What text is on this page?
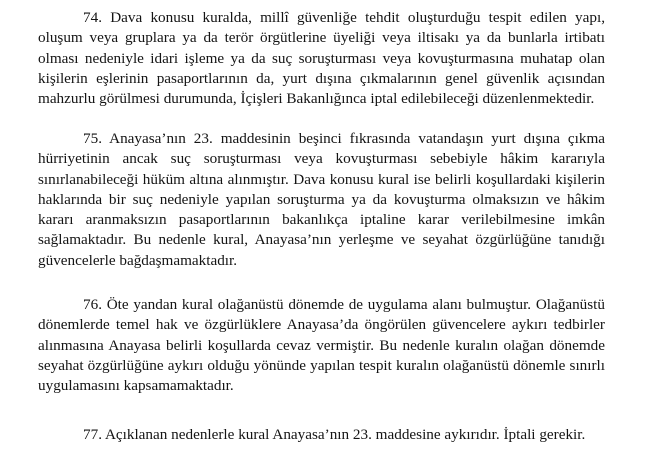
74. Dava konusu kuralda, millî güvenliğe tehdit oluşturduğu tespit edilen yapı, oluşum veya gruplara ya da terör örgütlerine üyeliği veya iltisakı ya da bunlarla irtibatı olması nedeniyle idari işleme ya da suç soruşturması veya kovuşturmasına muhatap olan kişilerin eşlerinin pasaportlarının da, yurt dışına çıkmalarının genel güvenlik açısından mahzurlu görülmesi durumunda, İçişleri Bakanlığınca iptal edilebileceği düzenlenmektedir.

75. Anayasa’nın 23. maddesinin beşinci fıkrasında vatandaşın yurt dışına çıkma hürriyetinin ancak suç soruşturması veya kovuşturması sebebiyle hâkim kararıyla sınırlanabileceği hüküm altına alınmıştır. Dava konusu kural ise belirli koşullardaki kişilerin haklarında bir suç nedeniyle yapılan soruşturma ya da kovuşturma olmaksızın ve hâkim kararı aranmaksızın pasaportlarının bakanlıkça iptaline karar verilebilmesine imkân sağlamaktadır. Bu nedenle kural, Anayasa’nın yerleşme ve seyahat özgürlüğüne tanıdığı güvencelerle bağdaşmamaktadır.

76. Öte yandan kural olağanüstü dönemde de uygulama alanı bulmuştur. Olağanüstü dönemlerde temel hak ve özgürlüklere Anayasa’da öngörülen güvencelere aykırı tedbirler alınmasına Anayasa belirli koşullarda cevaz vermiştir. Bu nedenle kuralın olağan dönemde seyahat özgürlüğüne aykırı olduğu yönünde yapılan tespit kuralın olağanüstü dönemle sınırlı uygulamasını kapsamamaktadır.

77. Açıklanan nedenlerle kural Anayasa’nın 23. maddesine aykırıdır. İptali gerekir.
